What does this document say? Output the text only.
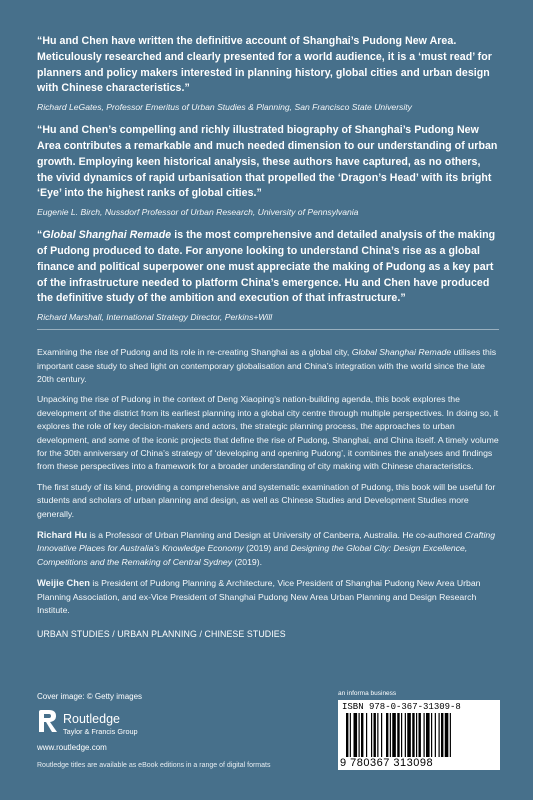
“Hu and Chen have written the definitive account of Shanghai’s Pudong New Area. Meticulously researched and clearly presented for a world audience, it is a ‘must read’ for planners and policy makers interested in planning history, global cities and urban design with Chinese characteristics.”

Richard LeGates, Professor Emeritus of Urban Studies & Planning, San Francisco State University

“Hu and Chen’s compelling and richly illustrated biography of Shanghai’s Pudong New Area contributes a remarkable and much needed dimension to our understanding of urban growth. Employing keen historical analysis, these authors have captured, as no others, the vivid dynamics of rapid urbanisation that propelled the ‘Dragon’s Head’ with its bright ‘Eye’ into the highest ranks of global cities.”

Eugenie L. Birch, Nussdorf Professor of Urban Research, University of Pennsylvania

“Global Shanghai Remade is the most comprehensive and detailed analysis of the making of Pudong produced to date. For anyone looking to understand China’s rise as a global finance and political superpower one must appreciate the making of Pudong as a key part of the infrastructure needed to platform China’s emergence. Hu and Chen have produced the definitive study of the ambition and execution of that infrastructure.”

Richard Marshall, International Strategy Director, Perkins+Will

Examining the rise of Pudong and its role in re-creating Shanghai as a global city, Global Shanghai Remade utilises this important case study to shed light on contemporary globalisation and China’s integration with the world since the late 20th century.

Unpacking the rise of Pudong in the context of Deng Xiaoping’s nation-building agenda, this book explores the development of the district from its earliest planning into a global city centre through multiple perspectives. In doing so, it explores the role of key decision-makers and actors, the strategic planning process, the approaches to urban development, and some of the iconic projects that define the rise of Pudong, Shanghai, and China itself. A timely volume for the 30th anniversary of China’s strategy of ‘developing and opening Pudong’, it combines the analyses and findings from these perspectives into a framework for a broader understanding of city making with Chinese characteristics.

The first study of its kind, providing a comprehensive and systematic examination of Pudong, this book will be useful for students and scholars of urban planning and design, as well as Chinese Studies and Development Studies more generally.

Richard Hu is a Professor of Urban Planning and Design at University of Canberra, Australia. He co-authored Crafting Innovative Places for Australia’s Knowledge Economy (2019) and Designing the Global City: Design Excellence, Competitions and the Remaking of Central Sydney (2019).

Weijie Chen is President of Pudong Planning & Architecture, Vice President of Shanghai Pudong New Area Urban Planning Association, and ex-Vice President of Shanghai Pudong New Area Urban Planning and Design Research Institute.

URBAN STUDIES / URBAN PLANNING / CHINESE STUDIES

Cover image: © Getty images
Routledge
Taylor & Francis Group
www.routledge.com
Routledge titles are available as eBook editions in a range of digital formats
an informa business
ISBN 978-0-367-31309-8
9 780367 313098
